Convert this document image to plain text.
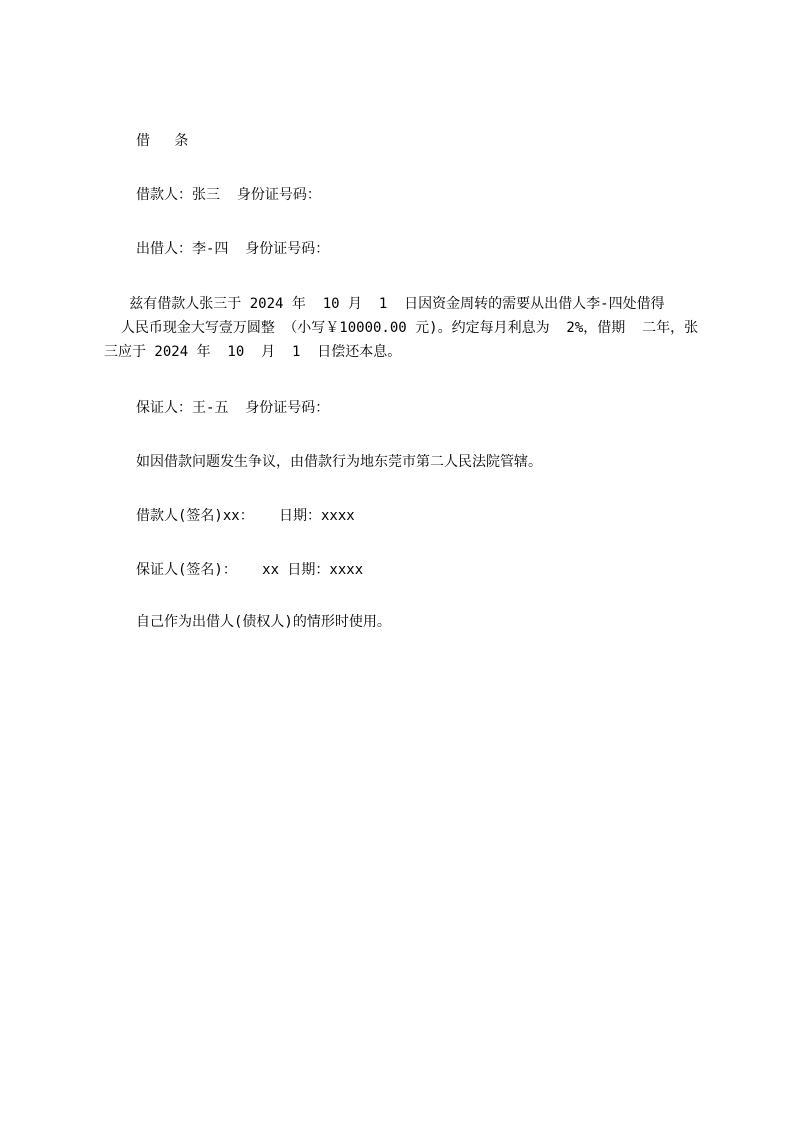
借 条
借款人：张三  身份证号码：
出借人：李-四  身份证号码：
兹有借款人张三于 2024 年  10 月  1  日因资金周转的需要从出借人李-四处借得
人民币现金大写壹万圆整 （小写￥10000.00 元)。约定每月利息为  2%，借期  二年，张
三应于 2024 年  10  月  1  日偿还本息。
保证人：王-五  身份证号码：
如因借款问题发生争议，由借款行为地东莞市第二人民法院管辖。
借款人(签名)xx：   日期：xxxx
保证人(签名)：   xx 日期：xxxx
自己作为出借人(债权人)的情形时使用。
